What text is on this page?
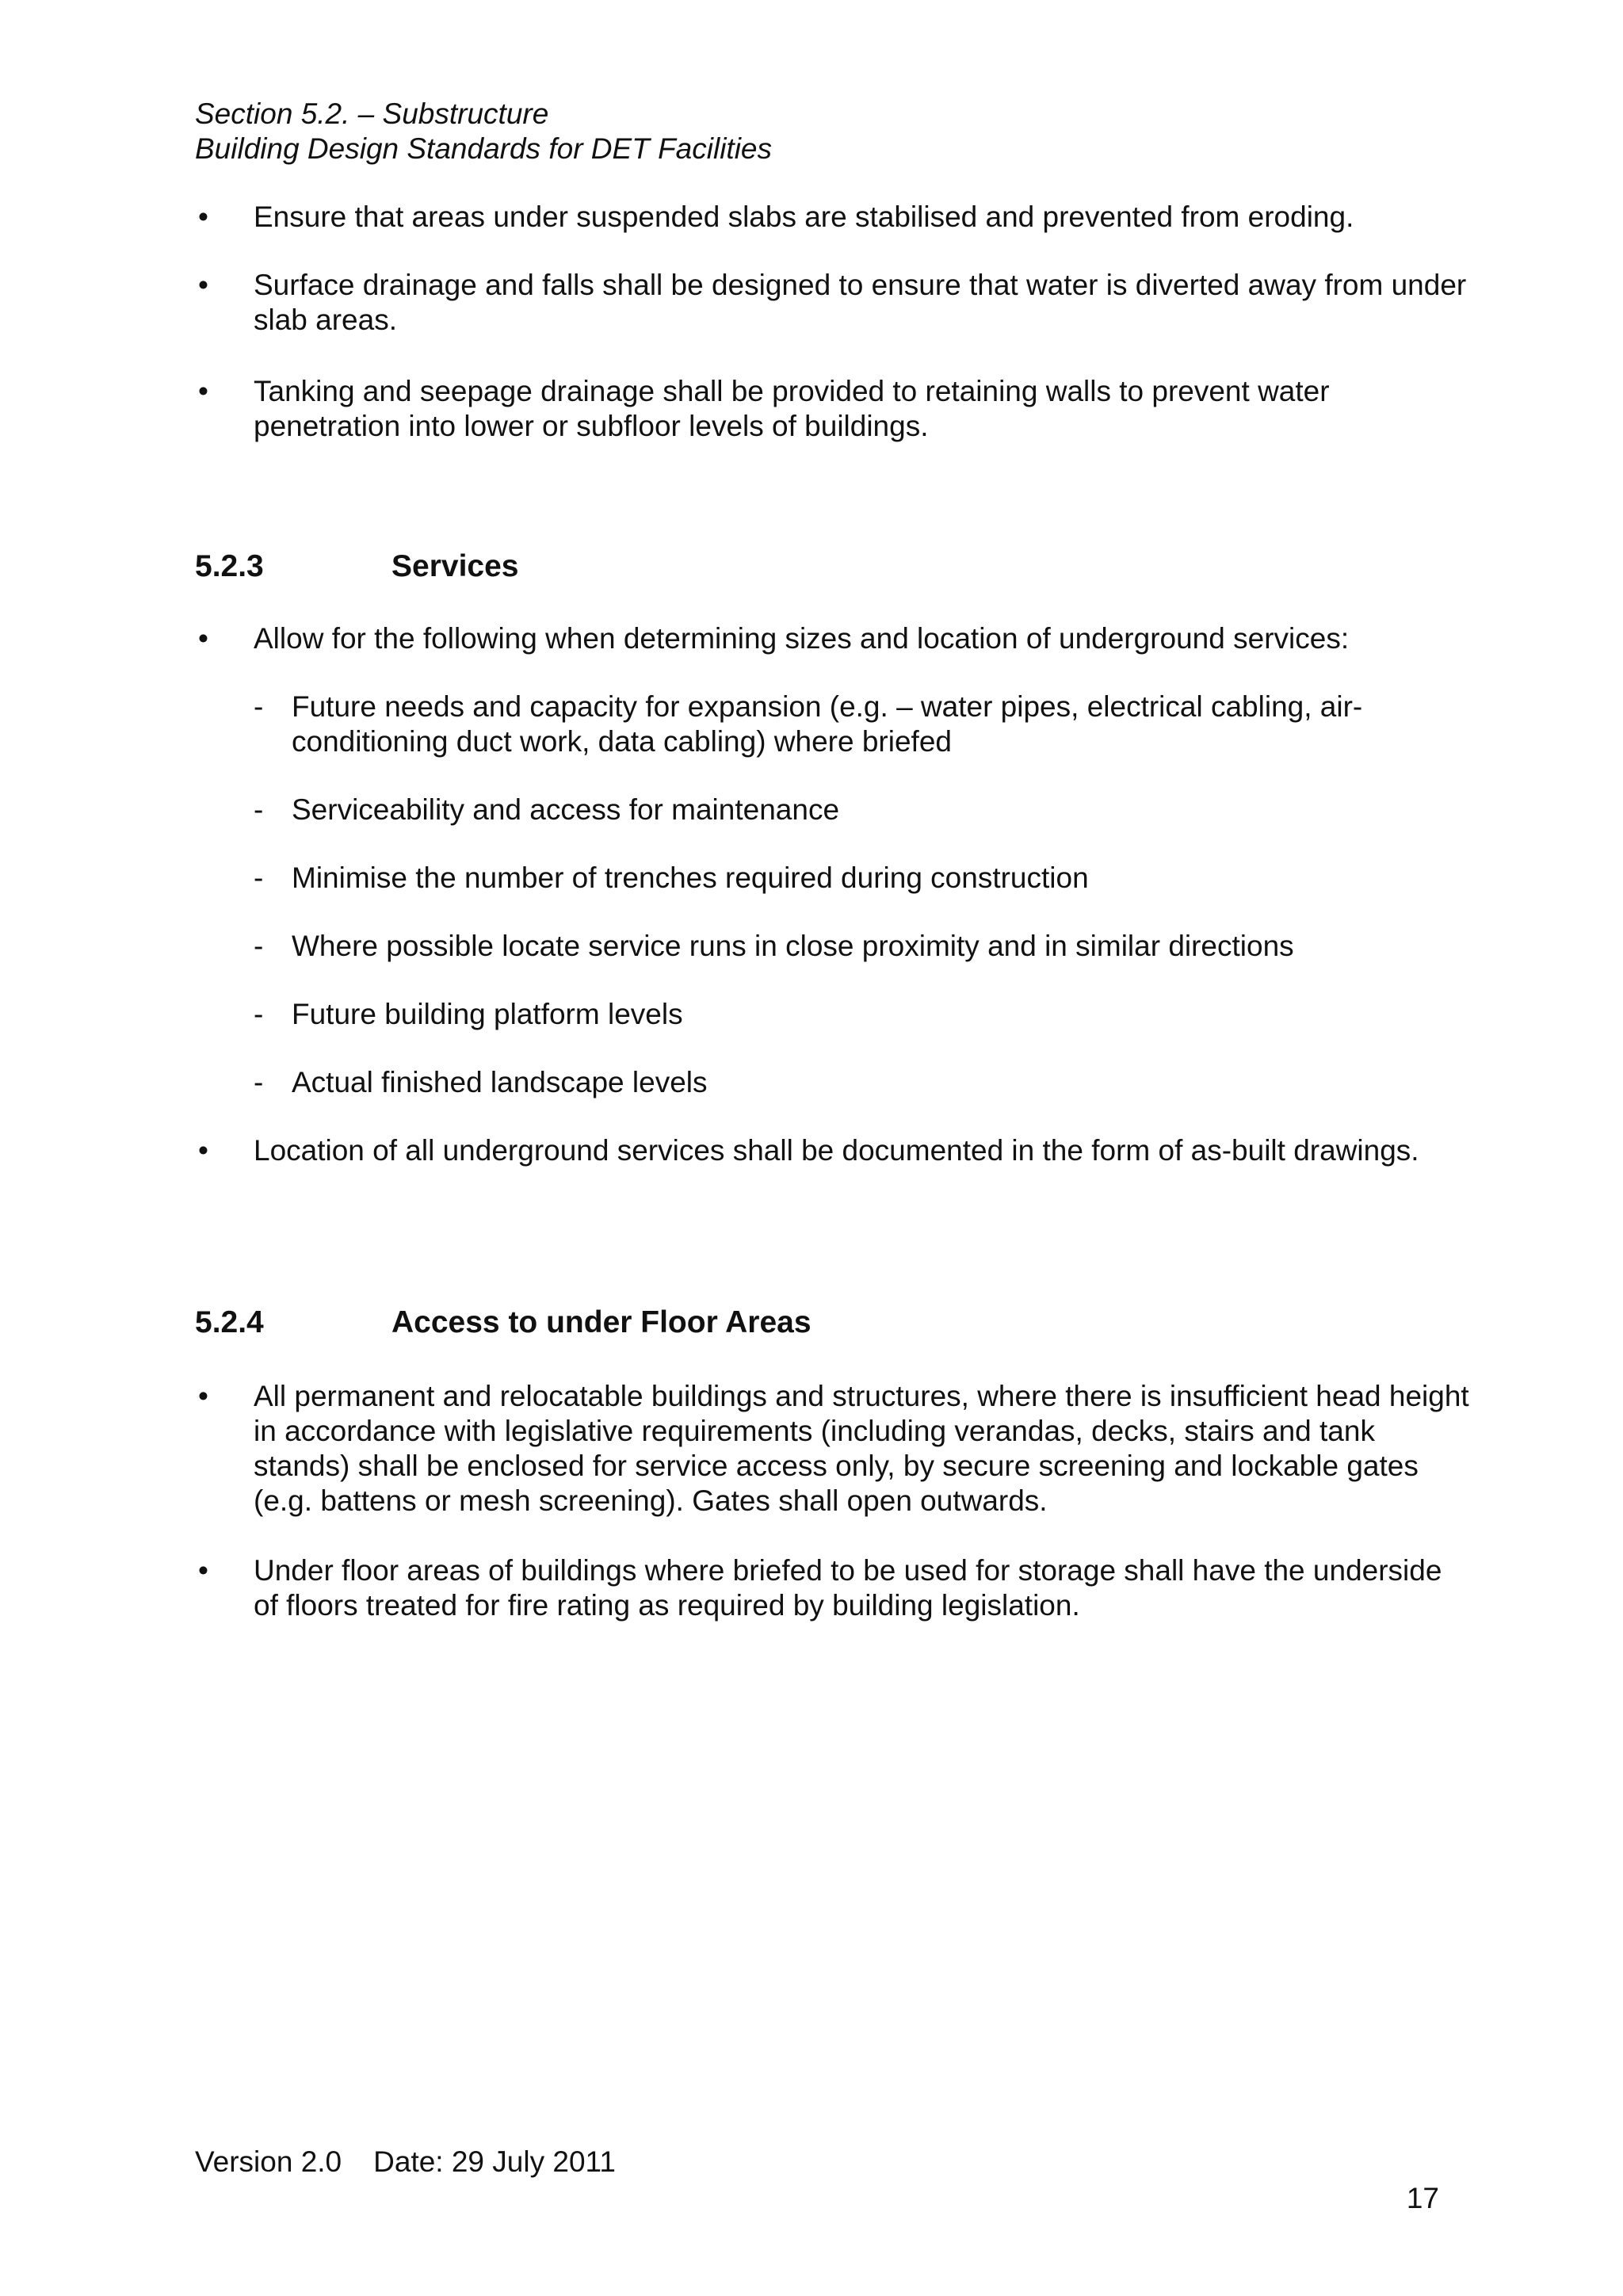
Section 5.2. – Substructure
Building Design Standards for DET Facilities
• Ensure that areas under suspended slabs are stabilised and prevented from eroding.
• Surface drainage and falls shall be designed to ensure that water is diverted away from under slab areas.
• Tanking and seepage drainage shall be provided to retaining walls to prevent water penetration into lower or subfloor levels of buildings.
5.2.3	Services
• Allow for the following when determining sizes and location of underground services:
- Future needs and capacity for expansion (e.g. – water pipes, electrical cabling, air-conditioning duct work, data cabling) where briefed
- Serviceability and access for maintenance
- Minimise the number of trenches required during construction
- Where possible locate service runs in close proximity and in similar directions
- Future building platform levels
- Actual finished landscape levels
• Location of all underground services shall be documented in the form of as-built drawings.
5.2.4	Access to under Floor Areas
• All permanent and relocatable buildings and structures, where there is insufficient head height in accordance with legislative requirements (including verandas, decks, stairs and tank stands) shall be enclosed for service access only, by secure screening and lockable gates (e.g. battens or mesh screening). Gates shall open outwards.
• Under floor areas of buildings where briefed to be used for storage shall have the underside of floors treated for fire rating as required by building legislation.
Version 2.0 Date: 29 July 2011
17
